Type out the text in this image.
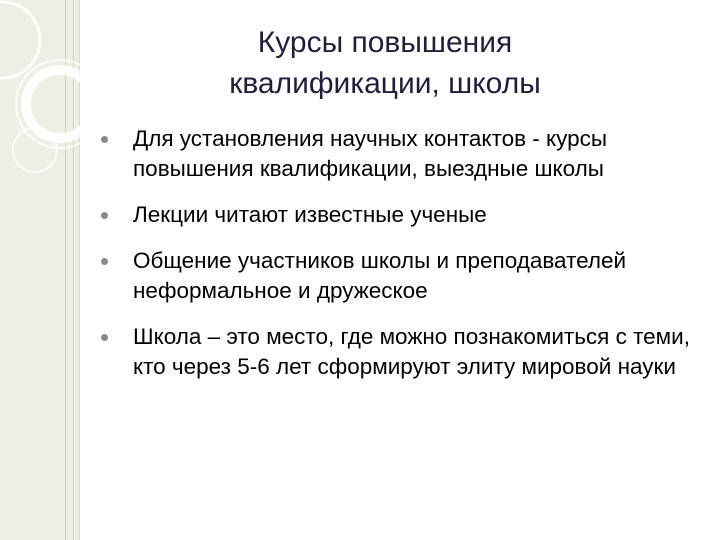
Курсы повышения квалификации, школы
Для установления научных контактов - курсы повышения квалификации, выездные школы
Лекции читают известные ученые
Общение участников школы и преподавателей неформальное и дружеское
Школа – это место, где можно познакомиться с теми, кто через 5-6 лет сформируют элиту мировой науки
